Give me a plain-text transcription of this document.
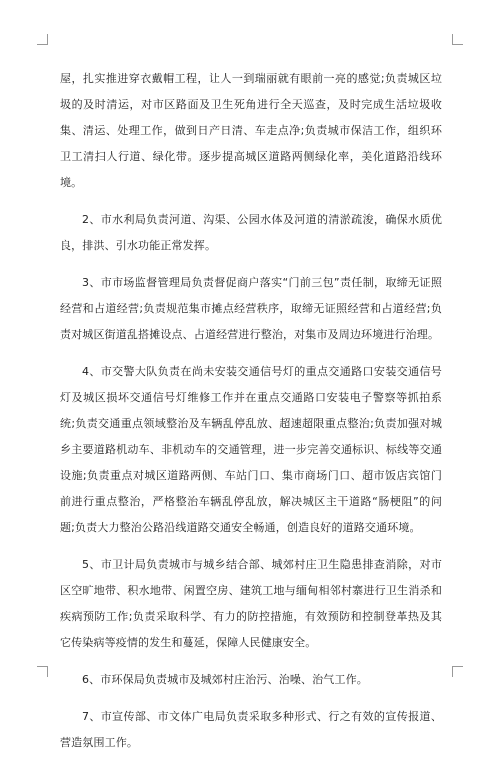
屋，扎实推进穿衣戴帽工程，让人一到瑞丽就有眼前一亮的感觉;负责城区垃圾的及时清运，对市区路面及卫生死角进行全天巡查，及时完成生活垃圾收集、清运、处理工作，做到日产日清、车走点净;负责城市保洁工作，组织环卫工清扫人行道、绿化带。逐步提高城区道路两侧绿化率，美化道路沿线环境。

2、市水利局负责河道、沟渠、公园水体及河道的清淤疏浚，确保水质优良，排洪、引水功能正常发挥。

3、市市场监督管理局负责督促商户落实“门前三包”责任制，取缔无证照经营和占道经营;负责规范集市摊点经营秩序，取缔无证照经营和占道经营;负责对城区街道乱搭摊设点、占道经营进行整治，对集市及周边环境进行治理。

4、市交警大队负责在尚未安装交通信号灯的重点交通路口安装交通信号灯及城区损坏交通信号灯维修工作并在重点交通路口安装电子警察等抓拍系统;负责交通重点领域整治及车辆乱停乱放、超速超限重点整治;负责加强对城乡主要道路机动车、非机动车的交通管理，进一步完善交通标识、标线等交通设施;负责重点对城区道路两侧、车站门口、集市商场门口、超市饭店宾馆门前进行重点整治，严格整治车辆乱停乱放，解决城区主干道路“肠梗阻”的问题;负责大力整治公路沿线道路交通安全畅通，创造良好的道路交通环境。

5、市卫计局负责城市与城乡结合部、城郊村庄卫生隐患排查消除，对市区空旷地带、积水地带、闲置空房、建筑工地与缅甸相邻村寨进行卫生消杀和疾病预防工作;负责采取科学、有力的防控措施，有效预防和控制登革热及其它传染病等疫情的发生和蔓延，保障人民健康安全。

6、市环保局负责城市及城郊村庄治污、治噪、治气工作。

7、市宣传部、市文体广电局负责采取多种形式、行之有效的宣传报道、营造氛围工作。
